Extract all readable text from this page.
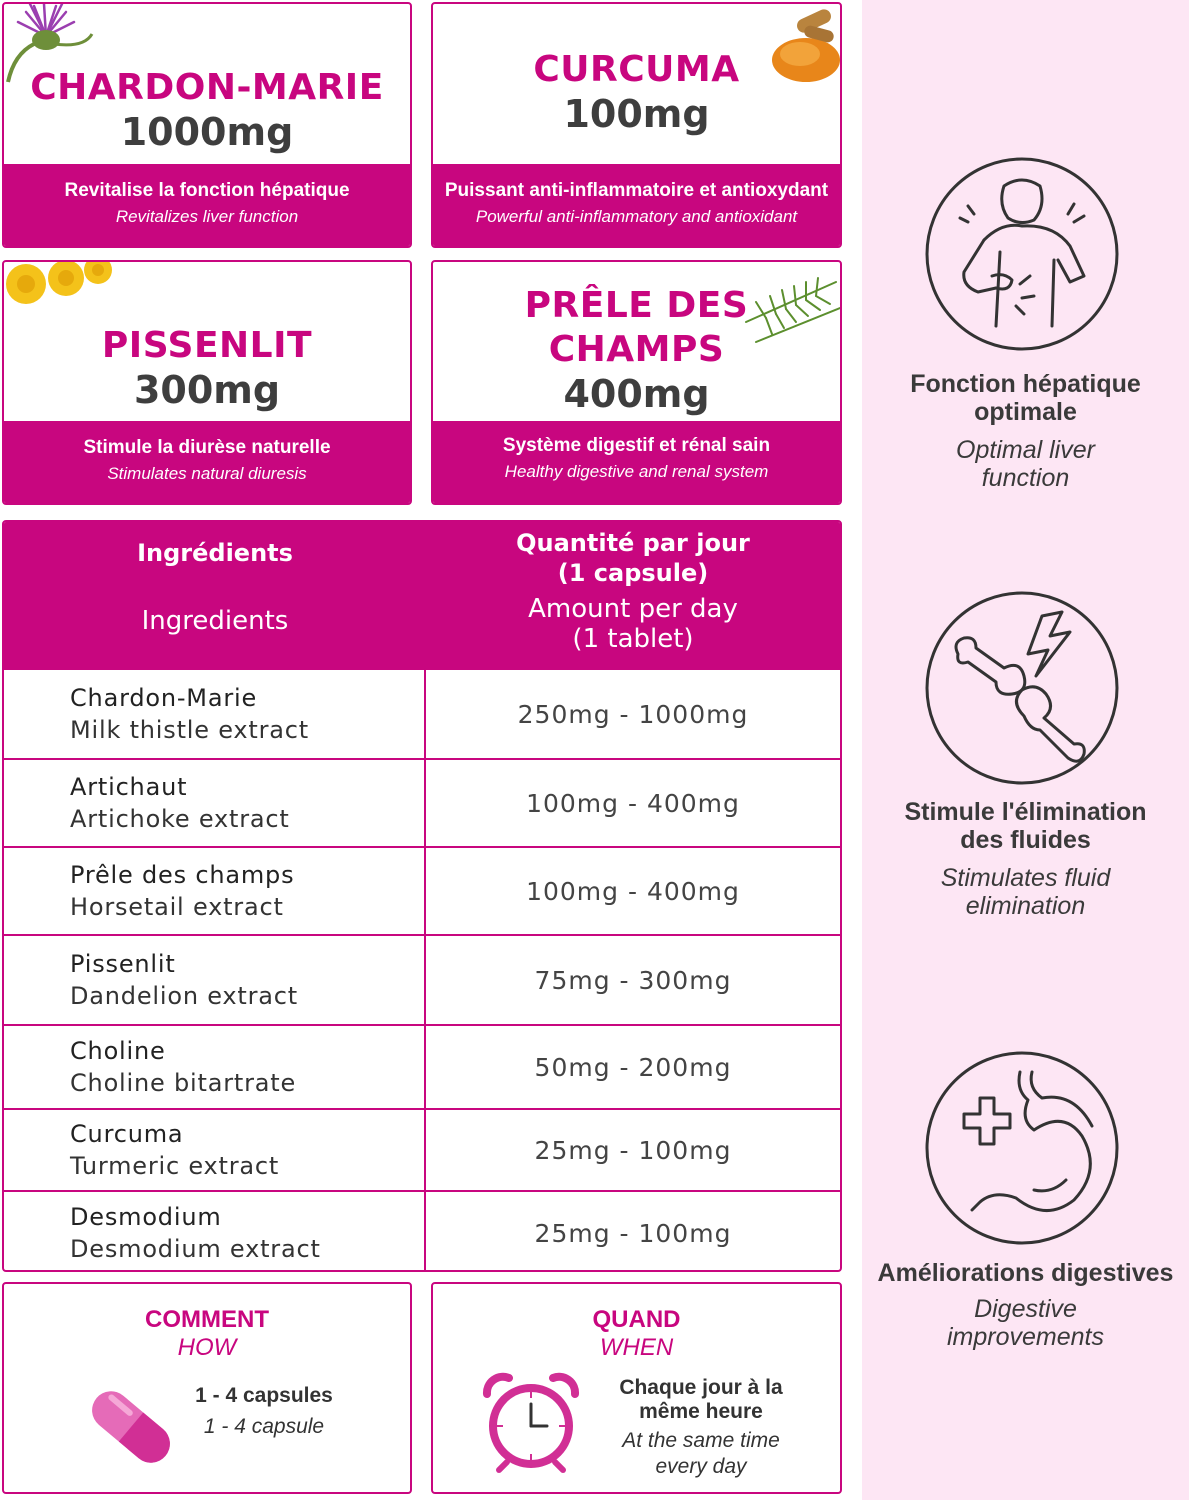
CHARDON-MARIE
1000mg
Revitalise la fonction hépatique
Revitalizes liver function
CURCUMA
100mg
Puissant anti-inflammatoire et antioxydant
Powerful anti-inflammatory and antioxidant
PISSENLIT
300mg
Stimule la diurèse naturelle
Stimulates natural diuresis
PRÊLE DES
CHAMPS
400mg
Système digestif et rénal sain
Healthy digestive and renal system
Ingrédients
Ingredients
Quantité par jour
(1 capsule)
Amount per day
(1 tablet)
Chardon-Marie
Milk thistle extract
250mg - 1000mg
Artichaut
Artichoke extract
100mg - 400mg
Prêle des champs
Horsetail extract
100mg - 400mg
Pissenlit
Dandelion extract
75mg - 300mg
Choline
Choline bitartrate
50mg - 200mg
Curcuma
Turmeric extract
25mg - 100mg
Desmodium
Desmodium extract
25mg - 100mg
COMMENT
HOW
1 - 4 capsules
1 - 4 capsule
QUAND
WHEN
Chaque jour à la
même heure
At the same time
every day
Fonction hépatique
optimale
Optimal liver
function
Stimule l'élimination
des fluides
Stimulates fluid
elimination
Améliorations digestives
Digestive
improvements
